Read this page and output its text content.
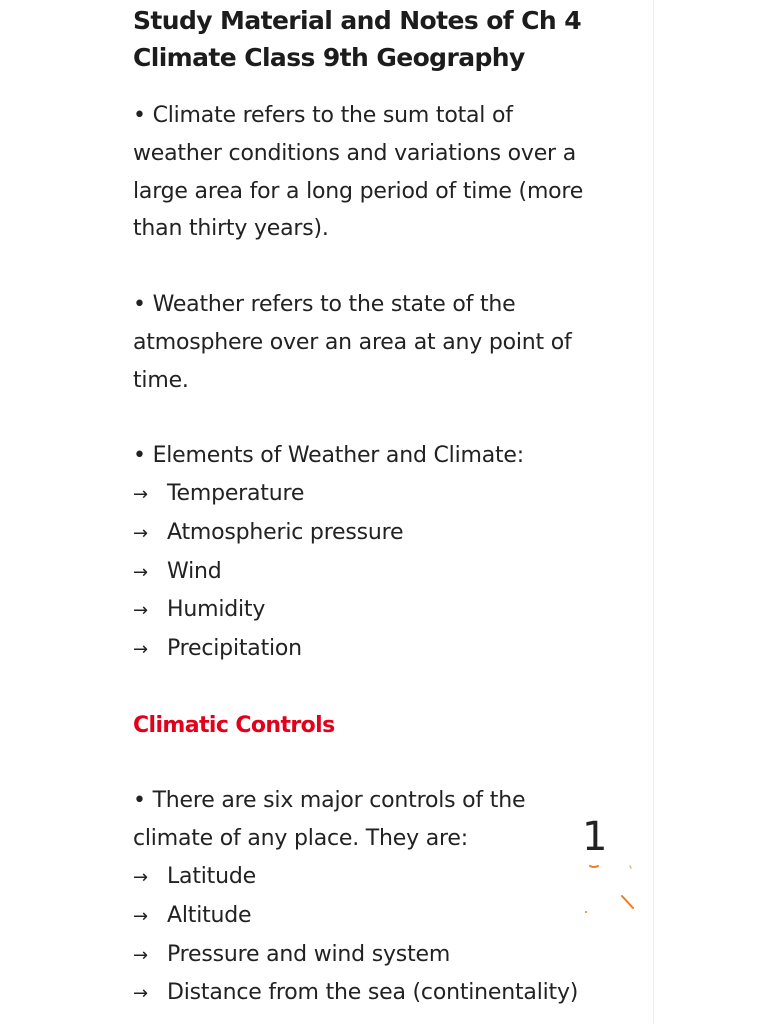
Study Material and Notes of Ch 4
Climate Class 9th Geography

• Climate refers to the sum total of
weather conditions and variations over a
large area for a long period of time (more
than thirty years).

• Weather refers to the state of the
atmosphere over an area at any point of
time.

• Elements of Weather and Climate:

→ Temperature
→ Atmospheric pressure
→ Wind
→ Humidity
→ Precipitation
Climatic Controls

• There are six major controls of the
climate of any place. They are:

→ Latitude
→ Altitude
→ Pressure and wind system
→ Distance from the sea (continentality)
1
